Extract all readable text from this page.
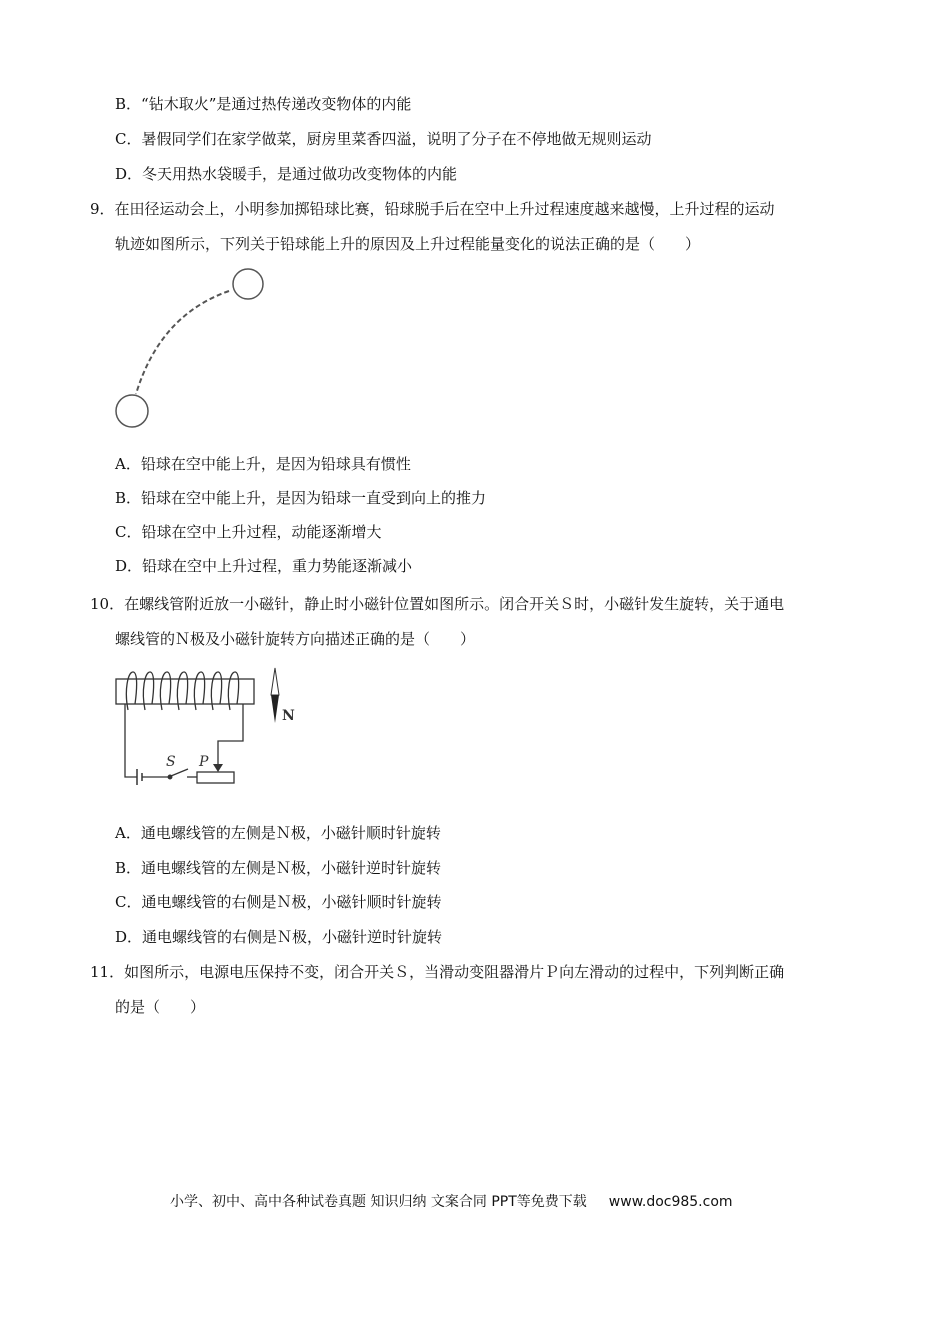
B．“钻木取火”是通过热传递改变物体的内能
C．暑假同学们在家学做菜，厨房里菜香四溢，说明了分子在不停地做无规则运动
D．冬天用热水袋暖手，是通过做功改变物体的内能
9．在田径运动会上，小明参加掷铅球比赛，铅球脱手后在空中上升过程速度越来越慢，上升过程的运动
轨迹如图所示，下列关于铅球能上升的原因及上升过程能量变化的说法正确的是（　　）
A．铅球在空中能上升，是因为铅球具有惯性
B．铅球在空中能上升，是因为铅球一直受到向上的推力
C．铅球在空中上升过程，动能逐渐增大
D．铅球在空中上升过程，重力势能逐渐减小
10．在螺线管附近放一小磁针，静止时小磁针位置如图所示。闭合开关Ｓ时，小磁针发生旋转，关于通电
螺线管的Ｎ极及小磁针旋转方向描述正确的是（　　）
S P
N
A．通电螺线管的左侧是Ｎ极，小磁针顺时针旋转
B．通电螺线管的左侧是Ｎ极，小磁针逆时针旋转
C．通电螺线管的右侧是Ｎ极，小磁针顺时针旋转
D．通电螺线管的右侧是Ｎ极，小磁针逆时针旋转
11．如图所示，电源电压保持不变，闭合开关Ｓ，当滑动变阻器滑片Ｐ向左滑动的过程中，下列判断正确
的是（　　）
小学、初中、高中各种试卷真题 知识归纳 文案合同 PPT等免费下载 www.doc985.com
